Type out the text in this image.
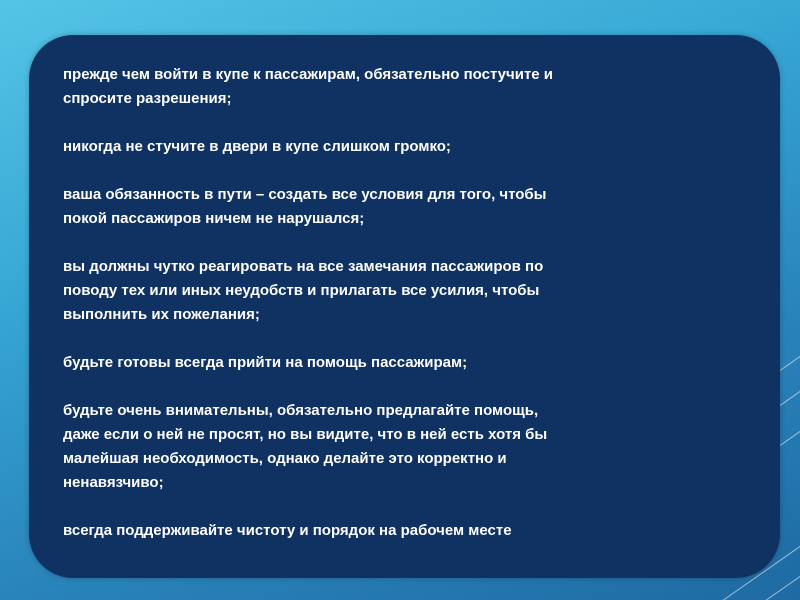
прежде чем войти в купе к пассажирам, обязательно постучите и
спросите разрешения;
никогда не стучите в двери в купе слишком громко;
ваша обязанность в пути – создать все условия для того, чтобы
покой пассажиров ничем не нарушался;
вы должны чутко реагировать на все замечания пассажиров по
поводу тех или иных неудобств и прилагать все усилия, чтобы
выполнить их пожелания;
будьте готовы всегда прийти на помощь пассажирам;
будьте очень внимательны, обязательно предлагайте помощь,
даже если о ней не просят, но вы видите, что в ней есть хотя бы
малейшая необходимость, однако делайте это корректно и
ненавязчиво;
всегда поддерживайте чистоту и порядок на рабочем месте
